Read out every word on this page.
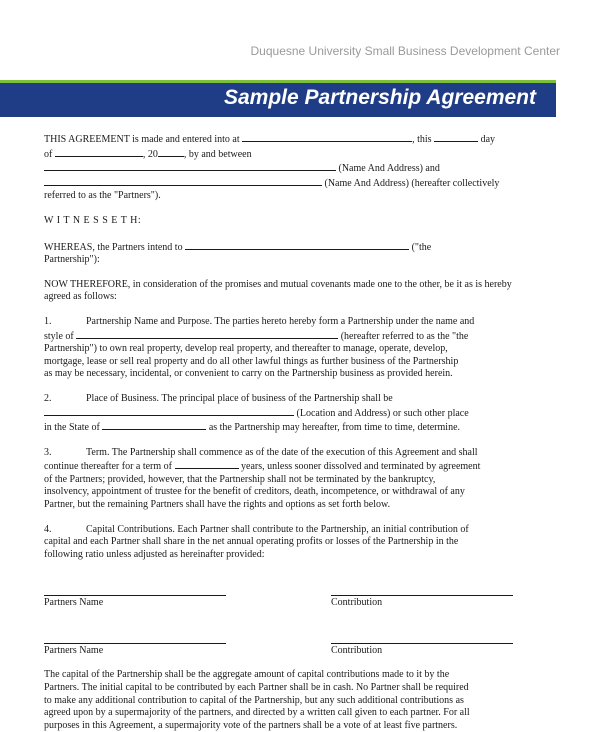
Duquesne University Small Business Development Center
Sample Partnership Agreement

THIS AGREEMENT is made and entered into at	, this	day

of	, 20	, by and between

(Name And Address) and

(Name And Address) (hereafter collectively

referred to as the "Partners").

W I T N E S S E T H:

WHEREAS, the Partners intend to	("the

Partnership"):

NOW THEREFORE, in consideration of the promises and mutual covenants made one to the other, be it as is hereby agreed as follows:

1.	Partnership Name and Purpose. The parties hereto hereby form a Partnership under the name and

style of	(hereafter referred to as the "the

Partnership") to own real property, develop real property, and thereafter to manage, operate, develop,

mortgage, lease or sell real property and do all other lawful things as further business of the Partnership

as may be necessary, incidental, or convenient to carry on the Partnership business as provided herein.

2.	Place of Business. The principal place of business of the Partnership shall be

(Location and Address) or such other place

in the State of	as the Partnership may hereafter, from time to time, determine.

3.	Term. The Partnership shall commence as of the date of the execution of this Agreement and shall

continue thereafter for a term of	years, unless sooner dissolved and terminated by agreement

of the Partners; provided, however, that the Partnership shall not be terminated by the bankruptcy,

insolvency, appointment of trustee for the benefit of creditors, death, incompetence, or withdrawal of any

Partner, but the remaining Partners shall have the rights and options as set forth below.

4.	Capital Contributions. Each Partner shall contribute to the Partnership, an initial contribution of

capital and each Partner shall share in the net annual operating profits or losses of the Partnership in the

following ratio unless adjusted as hereinafter provided:

Partners Name	Contribution
Partners Name	Contribution

The capital of the Partnership shall be the aggregate amount of capital contributions made to it by the

Partners. The initial capital to be contributed by each Partner shall be in cash. No Partner shall be required

to make any additional contribution to capital of the Partnership, but any such additional contributions as

agreed upon by a supermajority of the partners, and directed by a written call given to each partner. For all

purposes in this Agreement, a supermajority vote of the partners shall be a vote of at least five partners.
